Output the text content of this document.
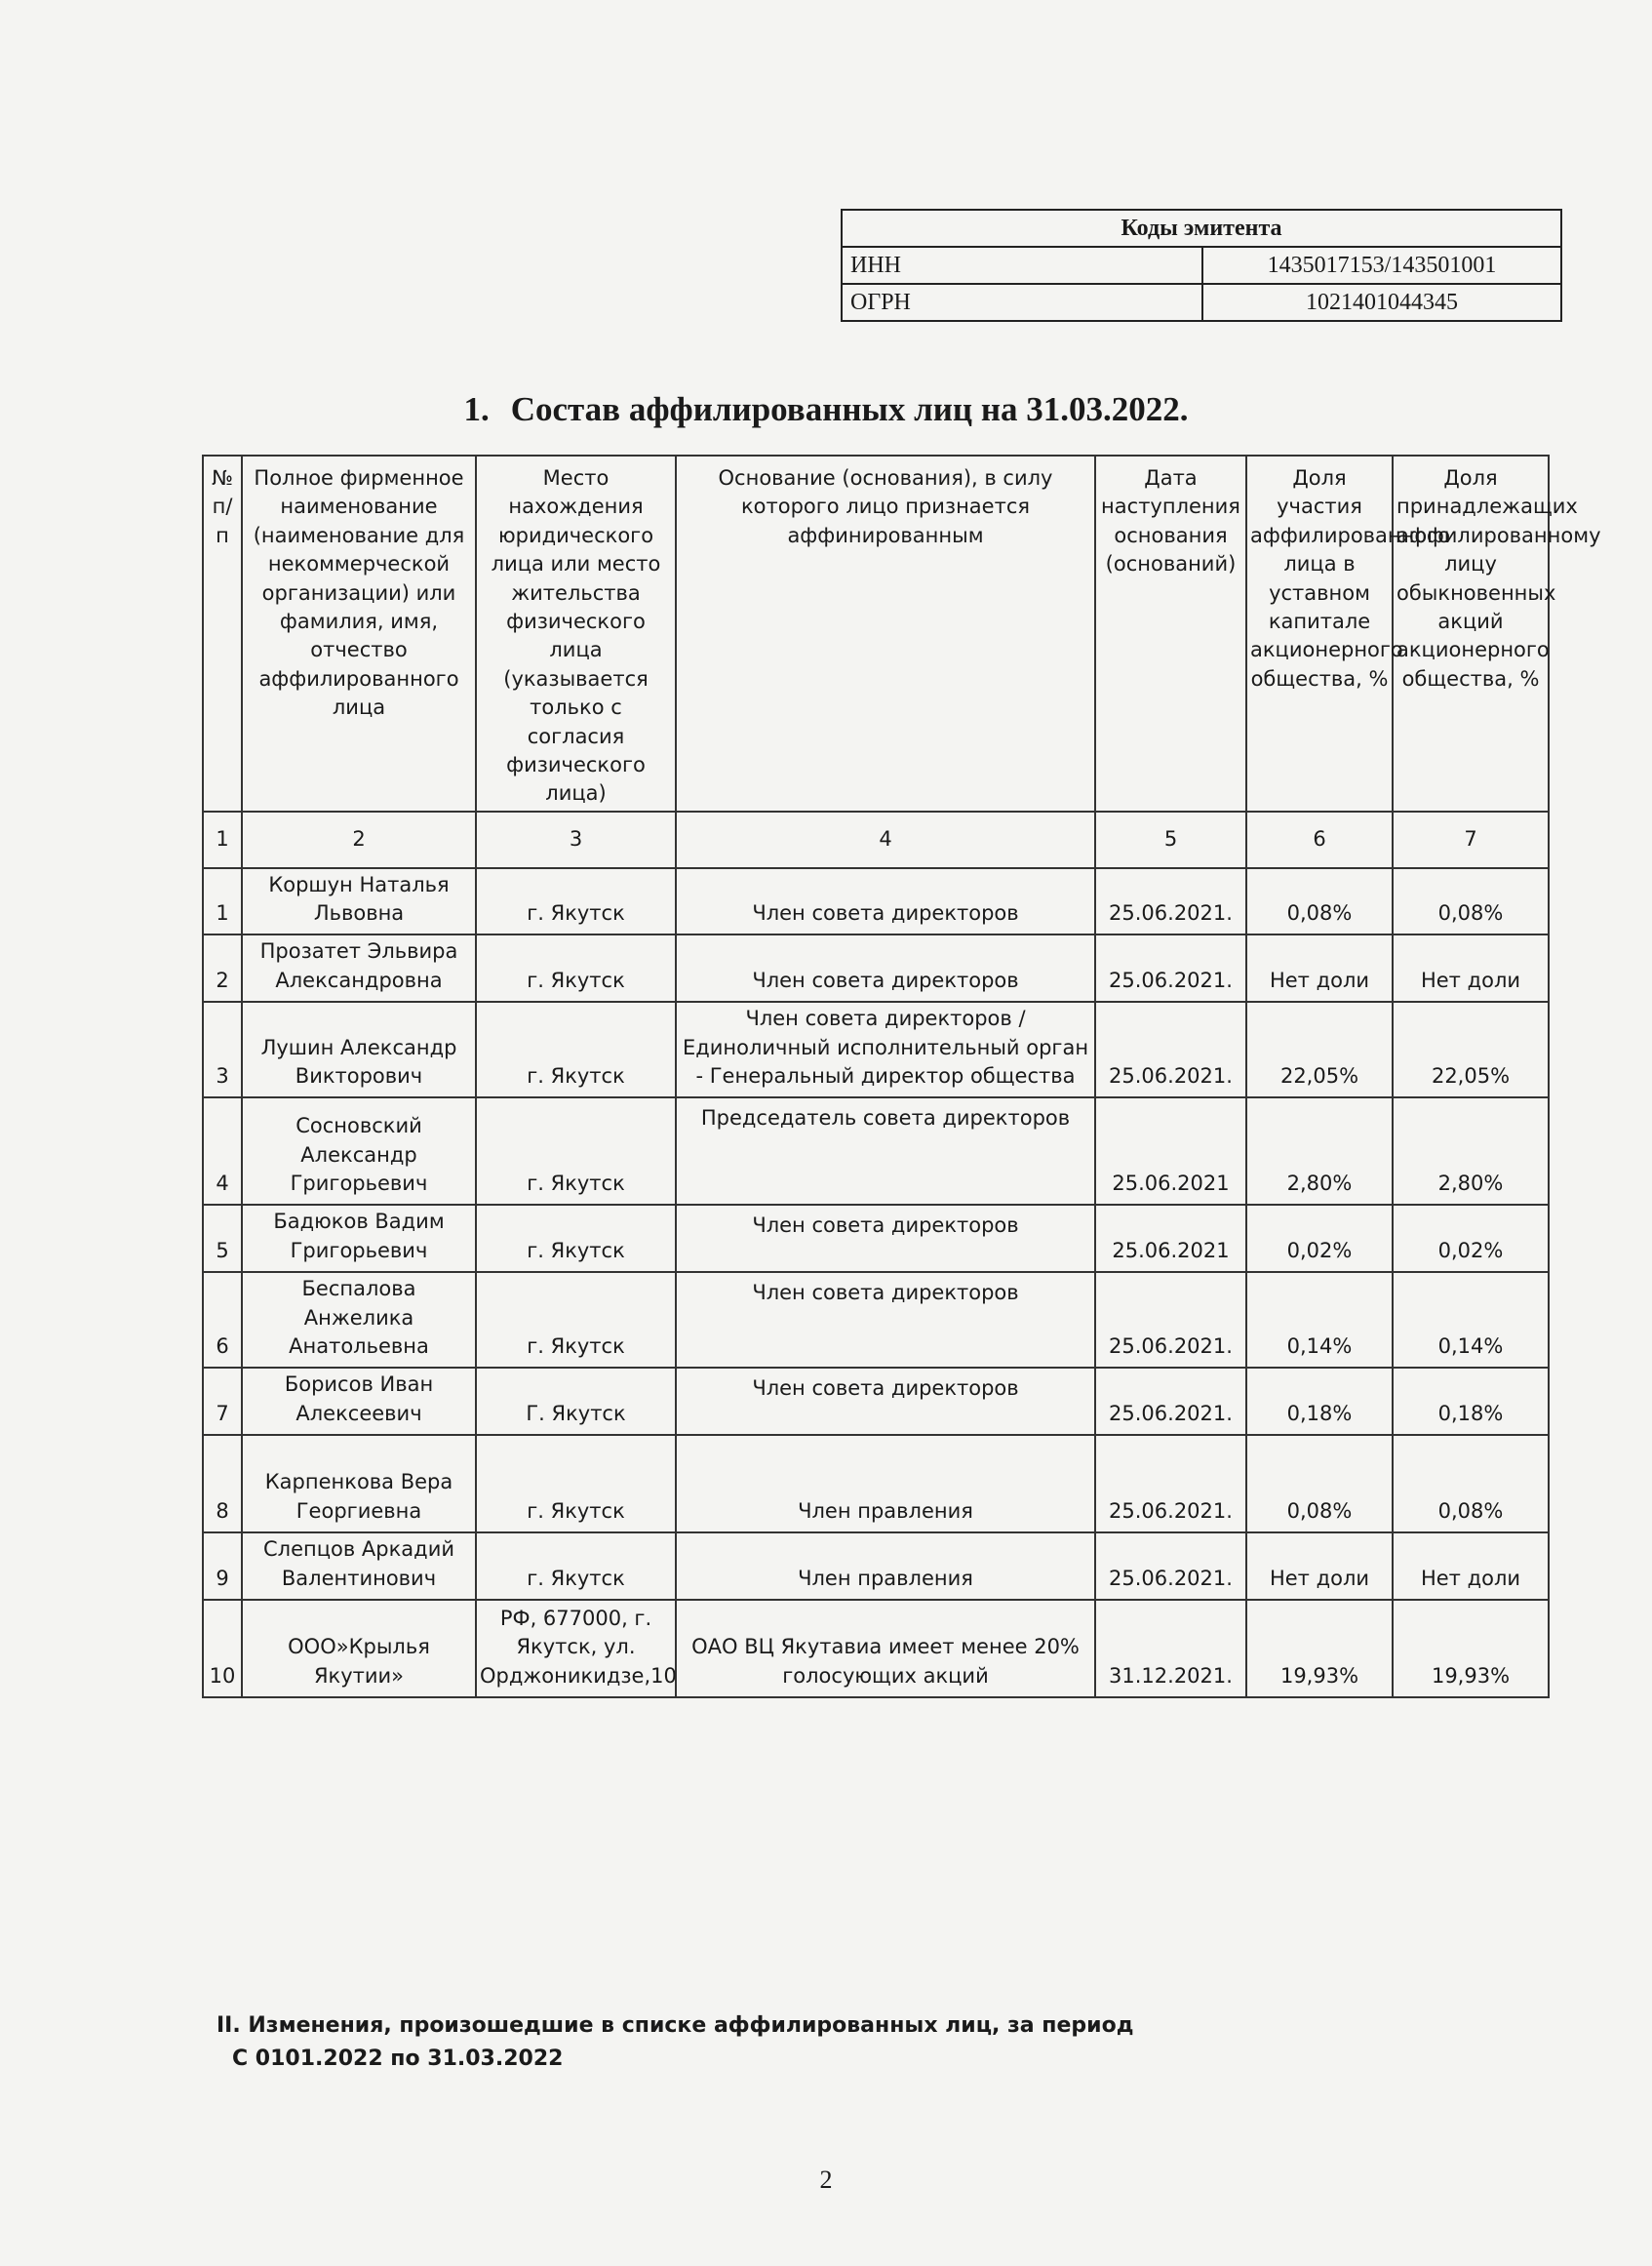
Коды эмитента	
ИНН	1435017153/143501001
ОГРН	1021401044345
1. Состав аффилированных лиц на 31.03.2022.
№ п/п	Полное фирменное наименование (наименование для некоммерческой организации) или фамилия, имя, отчество аффилированного лица	Место нахождения юридического лица или место жительства физического лица (указывается только с согласия физического лица)	Основание (основания), в силу которого лицо признается аффинированным	Дата наступления основания (оснований)	Доля участия аффилированного лица в уставном капитале акционерного общества, %	Доля принадлежащих аффилированному лицу обыкновенных акций акционерного общества, %
1	2	3	4	5	6	7
1	Коршун Наталья Львовна	г. Якутск	Член совета директоров	25.06.2021.	0,08%	0,08%
2	Прозатет Эльвира Александровна	г. Якутск	Член совета директоров	25.06.2021.	Нет доли	Нет доли
3	Лушин Александр Викторович	г. Якутск	Член совета директоров / Единоличный исполнительный орган - Генеральный директор общества	25.06.2021.	22,05%	22,05%
4	Сосновский Александр Григорьевич	г. Якутск	Председатель совета директоров	25.06.2021	2,80%	2,80%
5	Бадюков Вадим Григорьевич	г. Якутск	Член совета директоров	25.06.2021	0,02%	0,02%
6	Беспалова Анжелика Анатольевна	г. Якутск	Член совета директоров	25.06.2021.	0,14%	0,14%
7	Борисов Иван Алексеевич	Г. Якутск	Член совета директоров	25.06.2021.	0,18%	0,18%
8	Карпенкова Вера Георгиевна	г. Якутск	Член правления	25.06.2021.	0,08%	0,08%
9	Слепцов Аркадий Валентинович	г. Якутск	Член правления	25.06.2021.	Нет доли	Нет доли
10	ООО»Крылья Якутии»	РФ, 677000, г. Якутск, ул. Орджоникидзе,10	ОАО ВЦ Якутавиа имеет менее 20% голосующих акций	31.12.2021.	19,93%	19,93%
II. Изменения, произошедшие в списке аффилированных лиц, за период
С 0101.2022 по 31.03.2022
2
